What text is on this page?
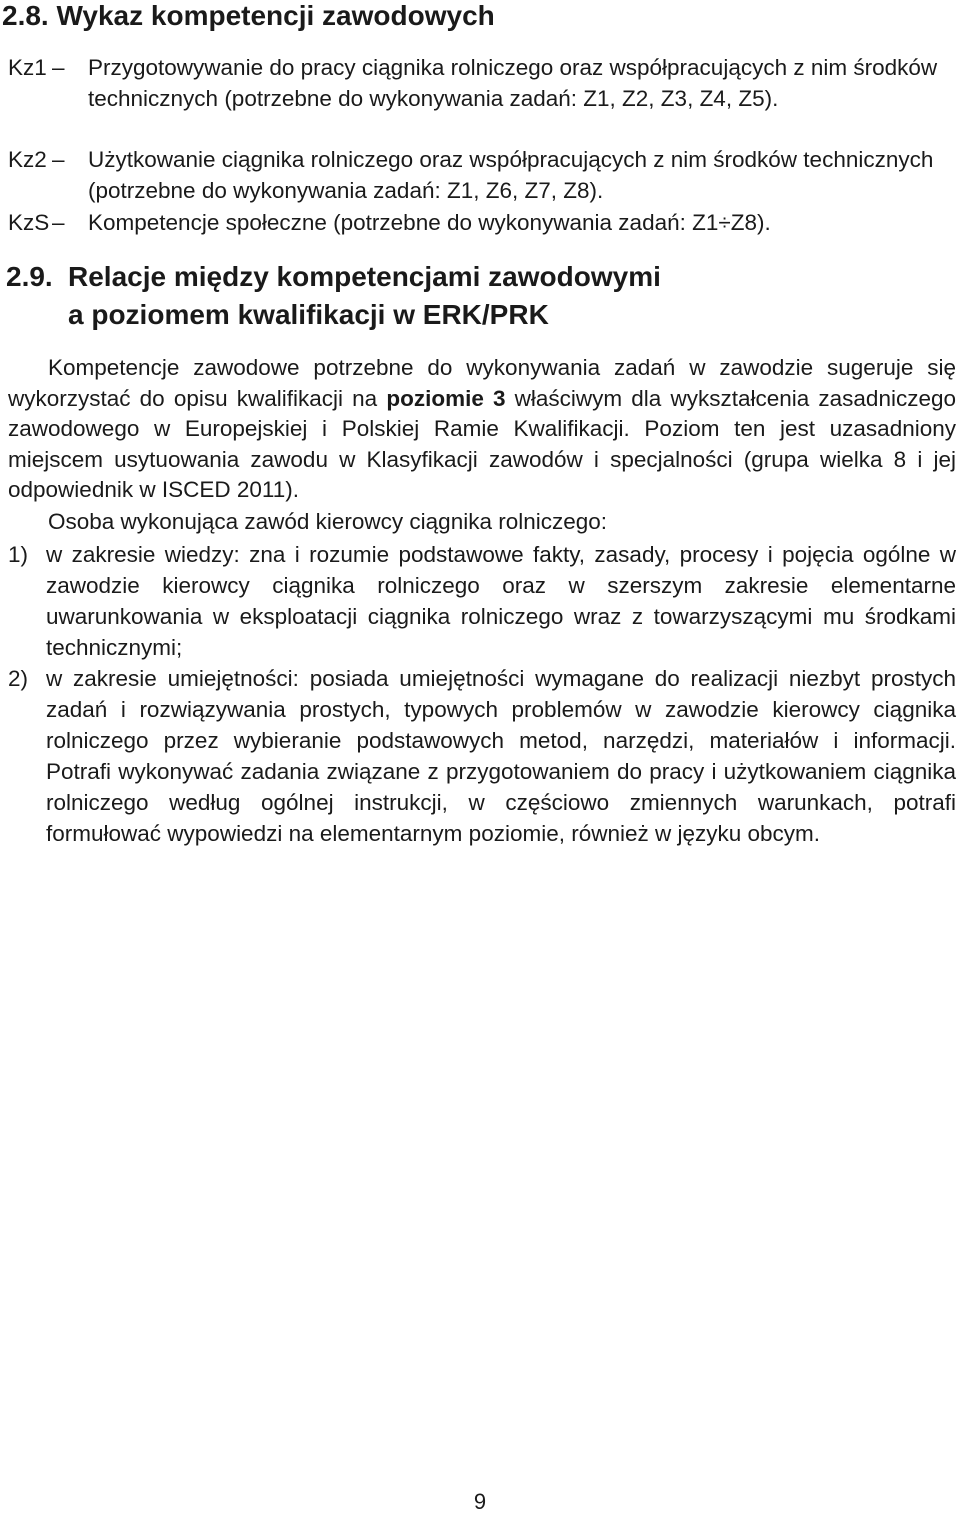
2.8. Wykaz kompetencji zawodowych
Kz1 – Przygotowywanie do pracy ciągnika rolniczego oraz współpracujących z nim środków technicznych (potrzebne do wykonywania zadań: Z1, Z2, Z3, Z4, Z5).
Kz2 – Użytkowanie ciągnika rolniczego oraz współpracujących z nim środków technicznych (potrzebne do wykonywania zadań: Z1, Z6, Z7, Z8).
KzS – Kompetencje społeczne (potrzebne do wykonywania zadań: Z1÷Z8).
2.9. Relacje między kompetencjami zawodowymi
a poziomem kwalifikacji w ERK/PRK
Kompetencje zawodowe potrzebne do wykonywania zadań w zawodzie sugeruje się wykorzystać do opisu kwalifikacji na poziomie 3 właściwym dla wykształcenia zasadniczego zawodowego w Europejskiej i Polskiej Ramie Kwalifikacji. Poziom ten jest uzasadniony miejscem usytuowania zawodu w Klasyfikacji zawodów i specjalności (grupa wielka 8 i jej odpowiednik w ISCED 2011).
Osoba wykonująca zawód kierowcy ciągnika rolniczego:
1) w zakresie wiedzy: zna i rozumie podstawowe fakty, zasady, procesy i pojęcia ogólne w zawodzie kierowcy ciągnika rolniczego oraz w szerszym zakresie elementarne uwarunkowania w eksploatacji ciągnika rolniczego wraz z towarzyszącymi mu środkami technicznymi;
2) w zakresie umiejętności: posiada umiejętności wymagane do realizacji niezbyt prostych zadań i rozwiązywania prostych, typowych problemów w zawodzie kierowcy ciągnika rolniczego przez wybieranie podstawowych metod, narzędzi, materiałów i informacji. Potrafi wykonywać zadania związane z przygotowaniem do pracy i użytkowaniem ciągnika rolniczego według ogólnej instrukcji, w częściowo zmiennych warunkach, potrafi formułować wypowiedzi na elementarnym poziomie, również w języku obcym.
9
